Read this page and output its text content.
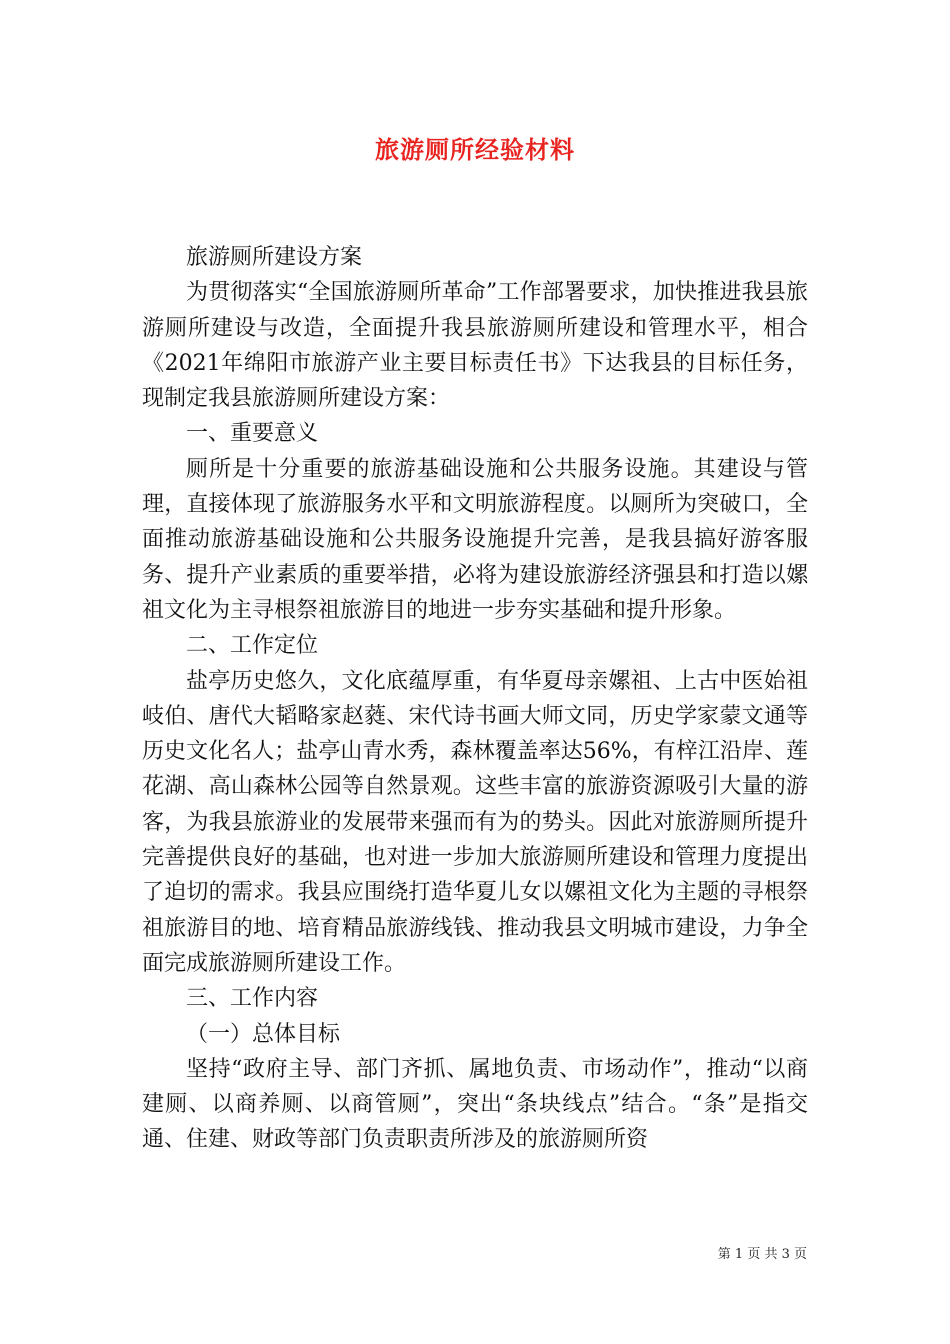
旅游厕所经验材料

旅游厕所建设方案

为贯彻落实“全国旅游厕所革命”工作部署要求，加快推进我县旅游厕所建设与改造，全面提升我县旅游厕所建设和管理水平，相合《2021年绵阳市旅游产业主要目标责任书》下达我县的目标任务，现制定我县旅游厕所建设方案：

一、重要意义

厕所是十分重要的旅游基础设施和公共服务设施。其建设与管理，直接体现了旅游服务水平和文明旅游程度。以厕所为突破口，全面推动旅游基础设施和公共服务设施提升完善，是我县搞好游客服务、提升产业素质的重要举措，必将为建设旅游经济强县和打造以嫘祖文化为主寻根祭祖旅游目的地进一步夯实基础和提升形象。

二、工作定位

盐亭历史悠久，文化底蕴厚重，有华夏母亲嫘祖、上古中医始祖岐伯、唐代大韬略家赵蕤、宋代诗书画大师文同，历史学家蒙文通等历史文化名人；盐亭山青水秀，森林覆盖率达56%，有梓江沿岸、莲花湖、高山森林公园等自然景观。这些丰富的旅游资源吸引大量的游客，为我县旅游业的发展带来强而有为的势头。因此对旅游厕所提升完善提供良好的基础，也对进一步加大旅游厕所建设和管理力度提出了迫切的需求。我县应围绕打造华夏儿女以嫘祖文化为主题的寻根祭祖旅游目的地、培育精品旅游线钱、推动我县文明城市建设，力争全面完成旅游厕所建设工作。

三、工作内容

（一）总体目标

坚持“政府主导、部门齐抓、属地负责、市场动作”，推动“以商建厕、以商养厕、以商管厕”，突出“条块线点”结合。“条”是指交通、住建、财政等部门负责职责所涉及的旅游厕所资

第 1 页 共 3 页
